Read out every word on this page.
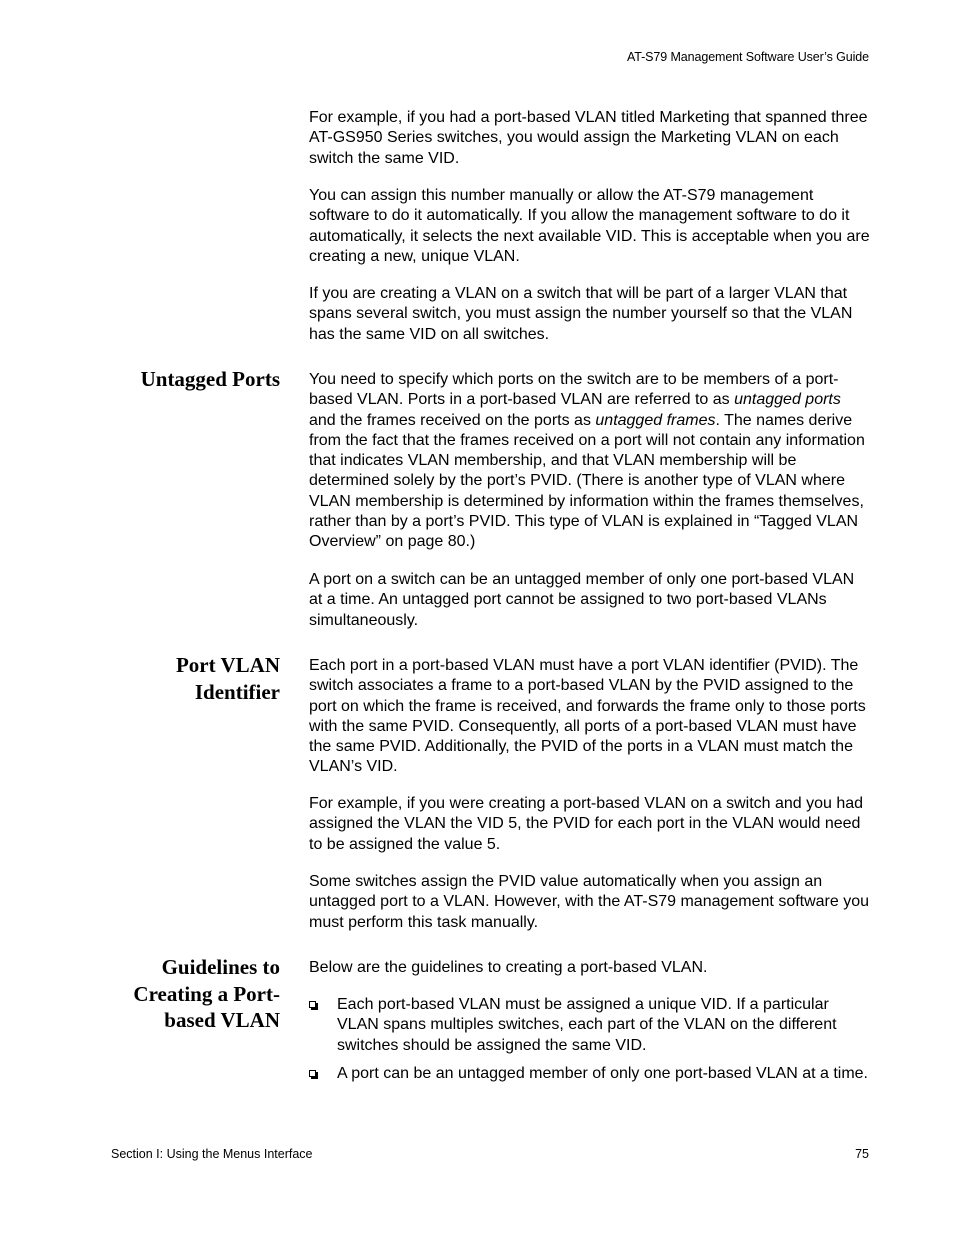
AT-S79 Management Software User’s Guide

For example, if you had a port-based VLAN titled Marketing that spanned three AT-GS950 Series switches, you would assign the Marketing VLAN on each switch the same VID.

You can assign this number manually or allow the AT-S79 management software to do it automatically. If you allow the management software to do it automatically, it selects the next available VID. This is acceptable when you are creating a new, unique VLAN.

If you are creating a VLAN on a switch that will be part of a larger VLAN that spans several switch, you must assign the number yourself so that the VLAN has the same VID on all switches.

Untagged Ports You need to specify which ports on the switch are to be members of a port-based VLAN. Ports in a port-based VLAN are referred to as untagged ports and the frames received on the ports as untagged frames. The names derive from the fact that the frames received on a port will not contain any information that indicates VLAN membership, and that VLAN membership will be determined solely by the port’s PVID. (There is another type of VLAN where VLAN membership is determined by information within the frames themselves, rather than by a port’s PVID. This type of VLAN is explained in “Tagged VLAN Overview” on page 80.)

A port on a switch can be an untagged member of only one port-based VLAN at a time. An untagged port cannot be assigned to two port-based VLANs simultaneously.

Port VLAN
Identifier

Each port in a port-based VLAN must have a port VLAN identifier (PVID). The switch associates a frame to a port-based VLAN by the PVID assigned to the port on which the frame is received, and forwards the frame only to those ports with the same PVID. Consequently, all ports of a port-based VLAN must have the same PVID. Additionally, the PVID of the ports in a VLAN must match the VLAN’s VID.

For example, if you were creating a port-based VLAN on a switch and you had assigned the VLAN the VID 5, the PVID for each port in the VLAN would need to be assigned the value 5.

Some switches assign the PVID value automatically when you assign an untagged port to a VLAN. However, with the AT-S79 management software you must perform this task manually.

Guidelines to
Creating a Port-
based VLAN

Below are the guidelines to creating a port-based VLAN.

Each port-based VLAN must be assigned a unique VID. If a particular VLAN spans multiples switches, each part of the VLAN on the different switches should be assigned the same VID.
A port can be an untagged member of only one port-based VLAN at a time.
Section I: Using the Menus Interface	75
